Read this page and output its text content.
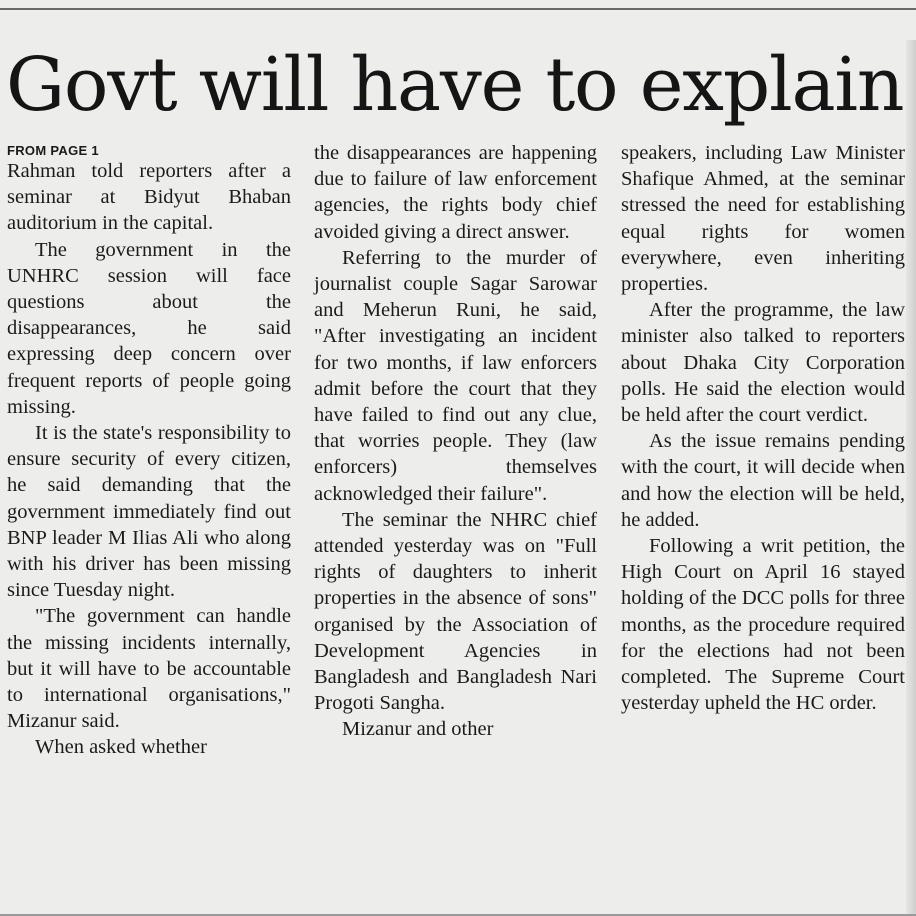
Govt will have to explain
FROM PAGE 1

Rahman told reporters after a seminar at Bidyut Bhaban auditorium in the capital.

The government in the UNHRC session will face questions about the disappearances, he said expressing deep concern over frequent reports of people going missing.

It is the state's responsibility to ensure security of every citizen, he said demanding that the government immediately find out BNP leader M Ilias Ali who along with his driver has been missing since Tuesday night.

"The government can handle the missing incidents internally, but it will have to be accountable to international organisations," Mizanur said.

When asked whether

the disappearances are happening due to failure of law enforcement agencies, the rights body chief avoided giving a direct answer.

Referring to the murder of journalist couple Sagar Sarowar and Meherun Runi, he said, "After investigating an incident for two months, if law enforcers admit before the court that they have failed to find out any clue, that worries people. They (law enforcers) themselves acknowledged their failure".

The seminar the NHRC chief attended yesterday was on "Full rights of daughters to inherit properties in the absence of sons" organised by the Association of Development Agencies in Bangladesh and Bangladesh Nari Progoti Sangha.

Mizanur and other

speakers, including Law Minister Shafique Ahmed, at the seminar stressed the need for establishing equal rights for women everywhere, even inheriting properties.

After the programme, the law minister also talked to reporters about Dhaka City Corporation polls. He said the election would be held after the court verdict.

As the issue remains pending with the court, it will decide when and how the election will be held, he added.

Following a writ petition, the High Court on April 16 stayed holding of the DCC polls for three months, as the procedure required for the elections had not been completed. The Supreme Court yesterday upheld the HC order.
